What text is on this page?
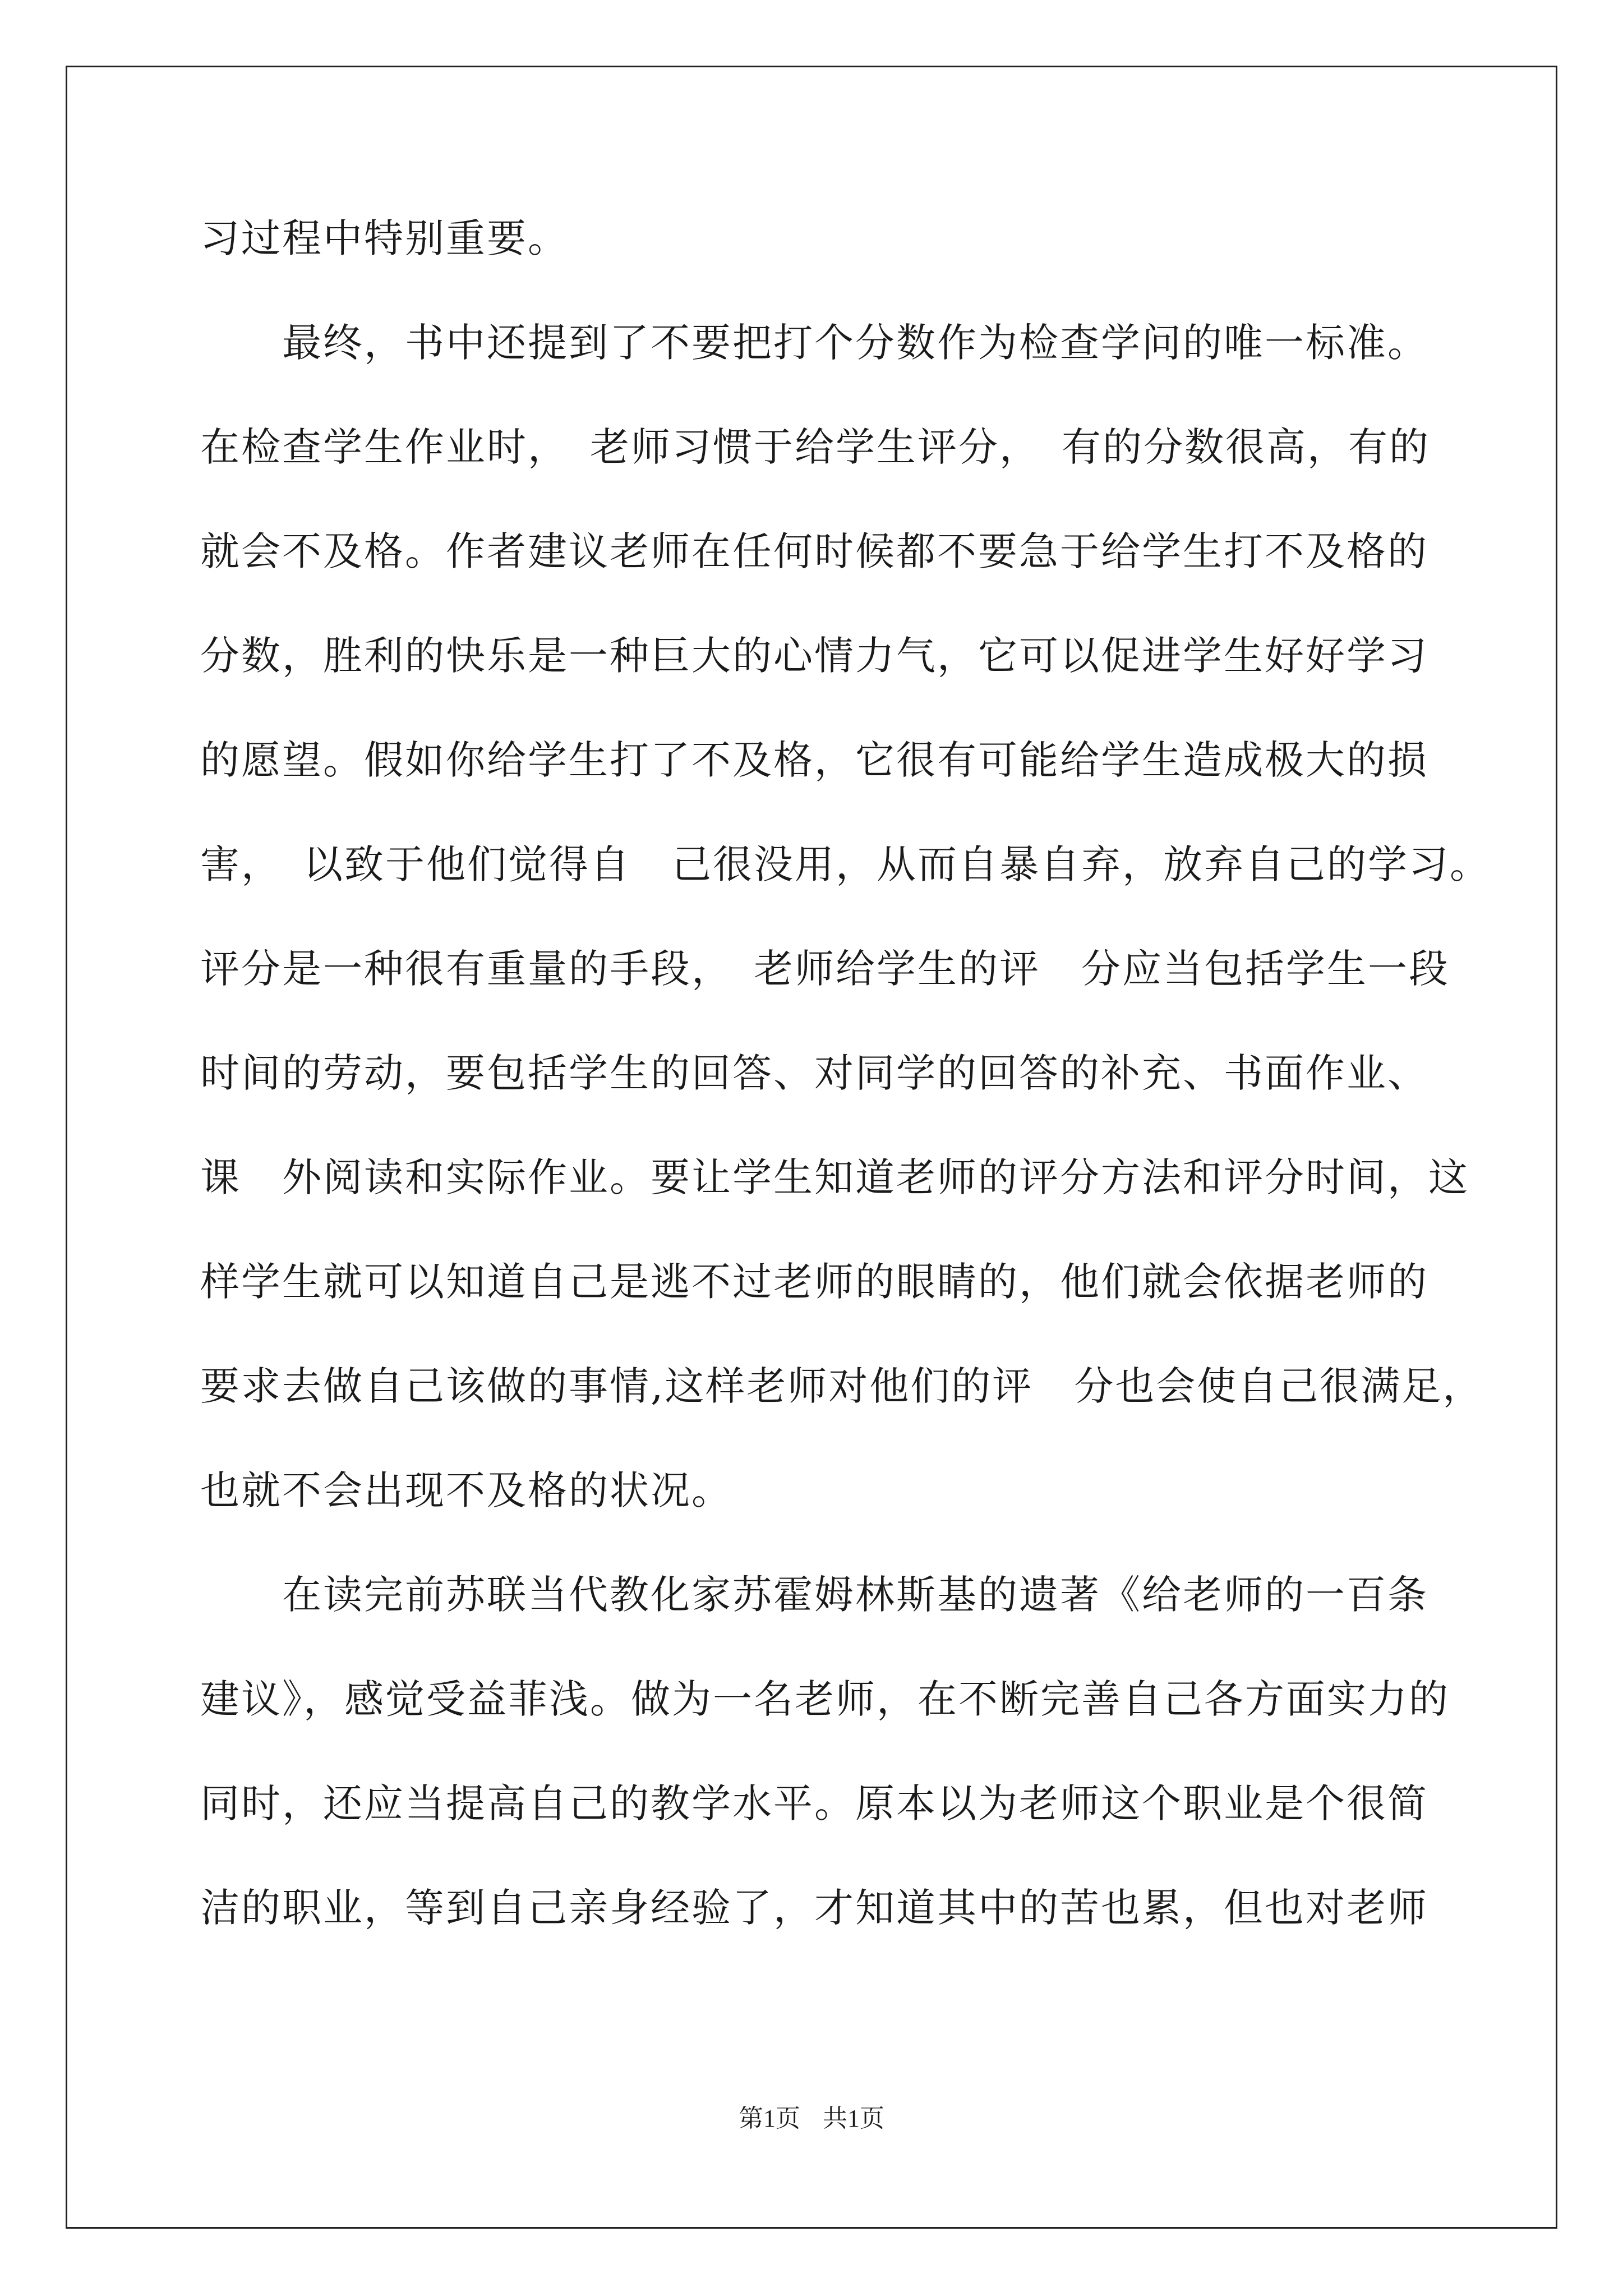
习过程中特别重要。
　　最终，书中还提到了不要把打个分数作为检查学问的唯一标准。
在检查学生作业时，　老师习惯于给学生评分，　有的分数很高，有的
就会不及格。作者建议老师在任何时候都不要急于给学生打不及格的
分数，胜利的快乐是一种巨大的心情力气，它可以促进学生好好学习
的愿望。假如你给学生打了不及格，它很有可能给学生造成极大的损
害，　以致于他们觉得自　己很没用，从而自暴自弃，放弃自己的学习。
评分是一种很有重量的手段，　老师给学生的评　分应当包括学生一段
时间的劳动，要包括学生的回答、对同学的回答的补充、书面作业、
课　外阅读和实际作业。要让学生知道老师的评分方法和评分时间，这
样学生就可以知道自己是逃不过老师的眼睛的，他们就会依据老师的
要求去做自己该做的事情,这样老师对他们的评　分也会使自己很满足，
也就不会出现不及格的状况。
　　在读完前苏联当代教化家苏霍姆林斯基的遗著《给老师的一百条
建议》，感觉受益菲浅。做为一名老师，在不断完善自己各方面实力的
同时，还应当提高自己的教学水平。原本以为老师这个职业是个很简
洁的职业，等到自己亲身经验了，才知道其中的苦也累，但也对老师
第1页 共1页
